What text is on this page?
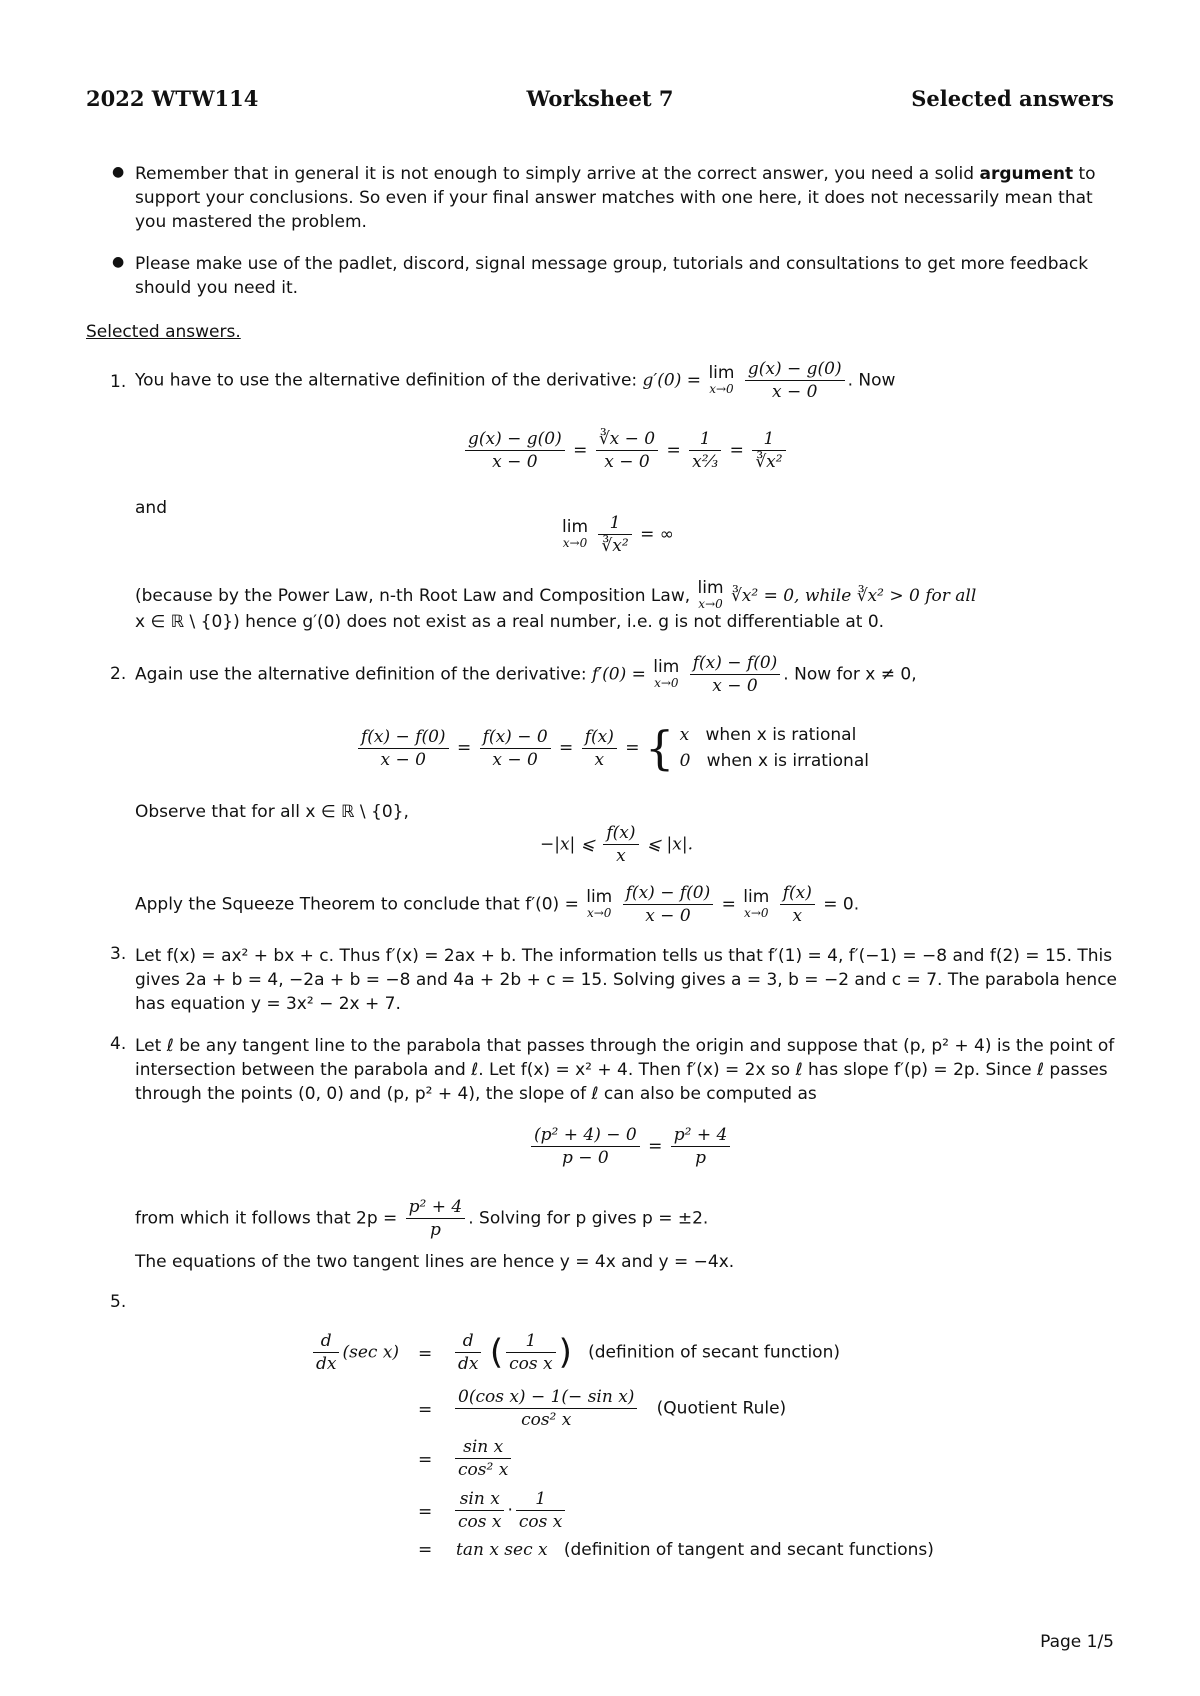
2022 WTW114	Worksheet 7	Selected answers
● Remember that in general it is not enough to simply arrive at the correct answer, you need a solid argument to support your conclusions. So even if your final answer matches with one here, it does not necessarily mean that you mastered the problem.
● Please make use of the padlet, discord, signal message group, tutorials and consultations to get more feedback should you need it.
Selected answers.
1. You have to use the alternative definition of the derivative: g′(0) = lim
x→0
$\frac{g(x) - g(0)}{x - 0}$ . Now
$\frac{g(x) - g(0)}{x - 0} = \frac{∛x - 0}{x - 0} = \frac{1}{\text{x⅔}} = \frac{1}{\text{∛x²}}$
and
lim
x→0
$\frac{1}{\text{∛x²}}$ = ∞
(because by the Power Law, n-th Root Law and Composition Law, lim
x→0 ∛x² = 0, while ∛x² > 0 for all
x ∈ ℝ \ {0}) hence g′(0) does not exist as a real number, i.e. g is not differentiable at 0.
2. Again use the alternative definition of the derivative: f′(0) = lim
x→0
$\frac{f(x) - f(0)}{x - 0}$ . Now for x ≠ 0,
$\frac{f(x) - f(0)}{x - 0} = \frac{f(x) - 0}{x - 0} = \frac{f(x)}{x}$ = { x when x is rational
0 when x is irrational
Observe that for all x ∈ ℝ \ {0},
−|x| ⩽ $\frac{f(x)}{x}$ ⩽ |x|.
Apply the Squeeze Theorem to conclude that f′(0) = lim
x→0
$\frac{f(x) - f(0)}{x - 0} = \lim$
x→0
$\frac{f(x)}{x} = 0$.
3. Let f(x) = ax² + bx + c. Thus f′(x) = 2ax + b. The information tells us that f′(1) = 4, f′(−1) = −8 and f(2) = 15. This gives 2a + b = 4, −2a + b = −8 and 4a + 2b + c = 15. Solving gives a = 3, b = −2 and c = 7. The parabola hence has equation y = 3x² − 2x + 7.
4. Let ℓ be any tangent line to the parabola that passes through the origin and suppose that (p, p² + 4) is the point of intersection between the parabola and ℓ. Let f(x) = x² + 4. Then f′(x) = 2x so ℓ has slope f′(p) = 2p. Since ℓ passes through the points (0, 0) and (p, p² + 4), the slope of ℓ can also be computed as
$\frac{\text{(p² + 4) − 0}}{p - 0} = \frac{\text{p² + 4}}{p}$
from which it follows that $2p = \frac{\text{p² + 4}}{p}$ . Solving for p gives p = ±2.
The equations of the two tangent lines are hence y = 4x and y = −4x.
5.
$\frac{d}{dx} (\sec$ $x) = \frac{d}{dx}$ ( $\frac{1}{\text{cos x}}$ ) (definition of secant function)
= $\frac{\text{0(cos x) − 1(− sin x)}}{\text{cos² x}}$ (Quotient Rule)
= $\frac{\text{sin x}}{\text{cos² x}}$
= $\frac{\text{sin x}}{\text{cos x}} \cdot \frac{1}{\text{cos x}}$
= tan x sec x (definition of tangent and secant functions)
Page 1/5
